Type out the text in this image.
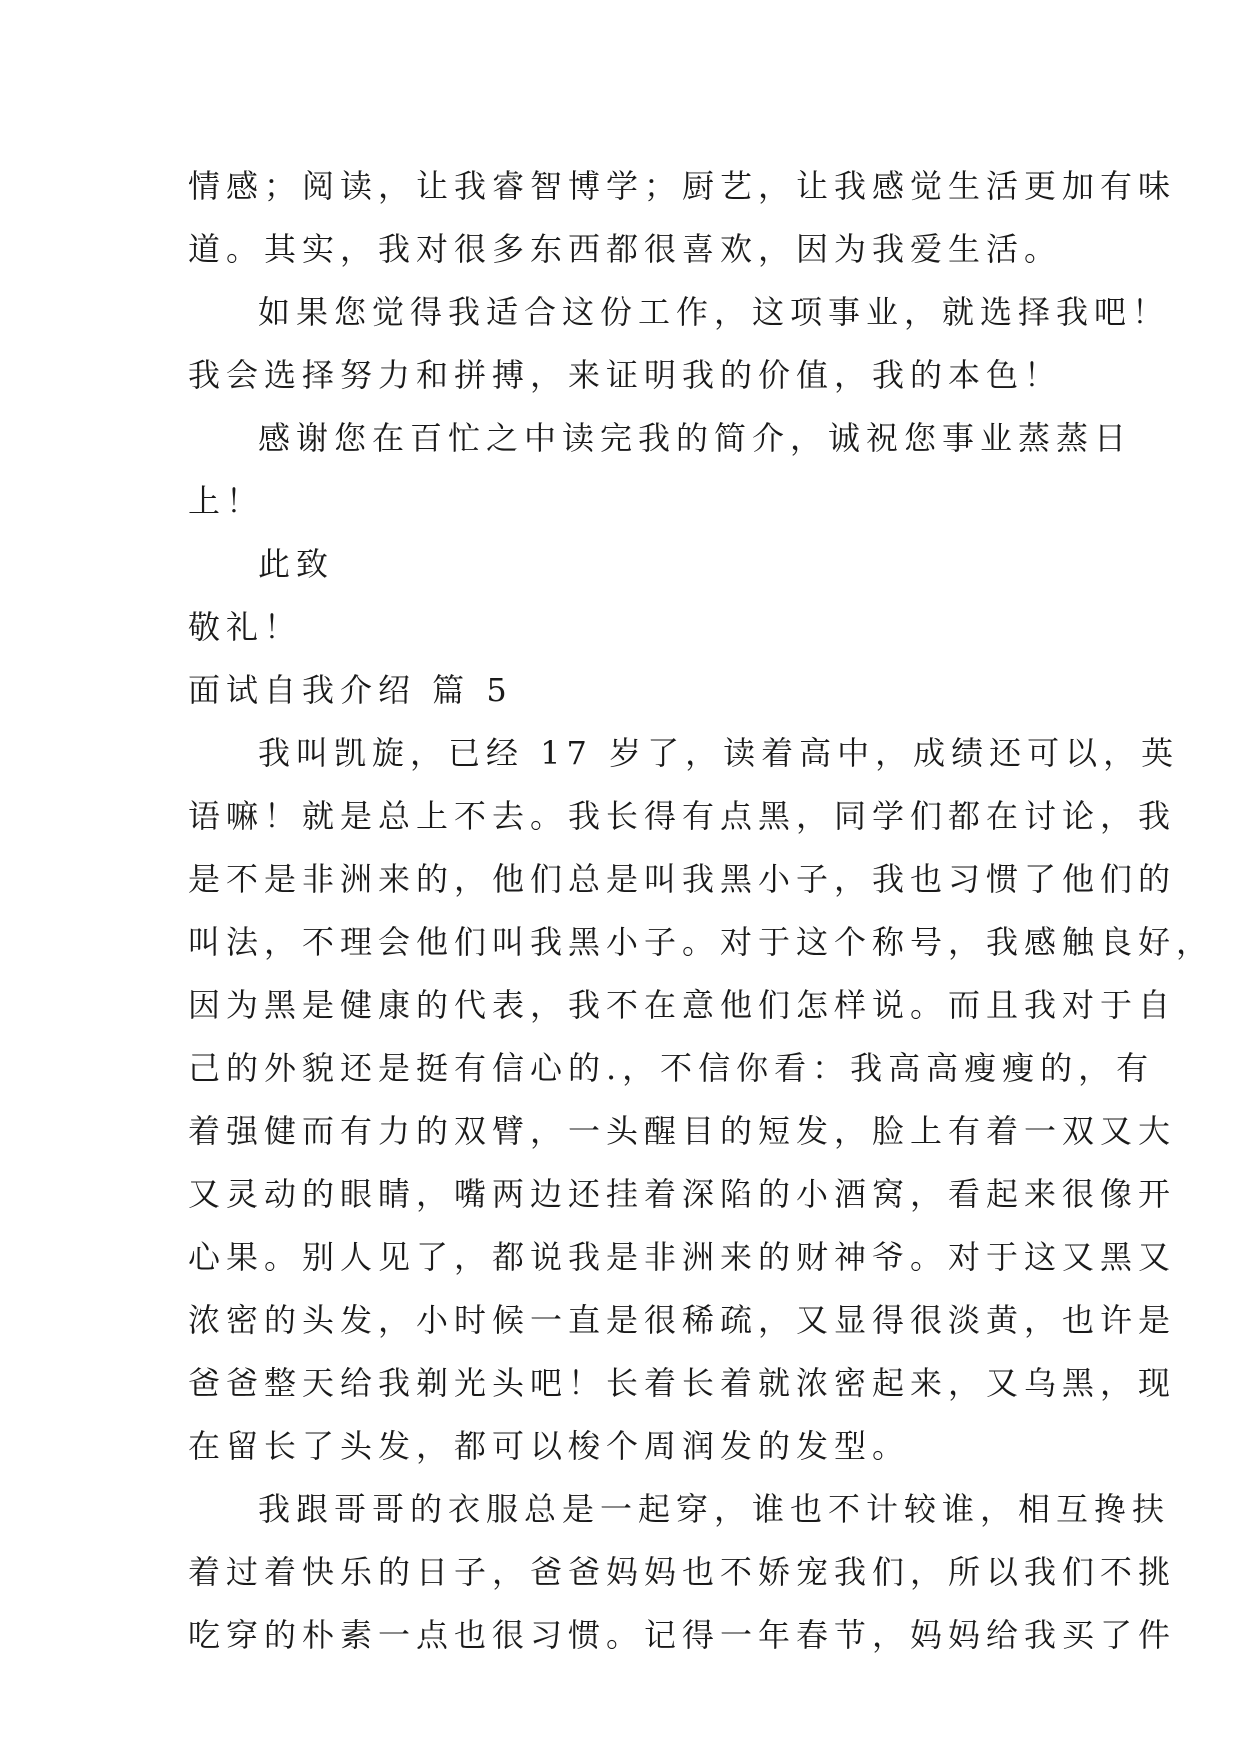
情感；阅读，让我睿智博学；厨艺，让我感觉生活更加有味
道。其实，我对很多东西都很喜欢，因为我爱生活。
如果您觉得我适合这份工作，这项事业，就选择我吧！
我会选择努力和拼搏，来证明我的价值，我的本色！
感谢您在百忙之中读完我的简介，诚祝您事业蒸蒸日
上！
此致
敬礼！
面试自我介绍 篇 5
我叫凯旋，已经 17 岁了，读着高中，成绩还可以，英
语嘛！就是总上不去。我长得有点黑，同学们都在讨论，我
是不是非洲来的，他们总是叫我黑小子，我也习惯了他们的
叫法，不理会他们叫我黑小子。对于这个称号，我感触良好，
因为黑是健康的代表，我不在意他们怎样说。而且我对于自
己的外貌还是挺有信心的.，不信你看：我高高瘦瘦的，有
着强健而有力的双臂，一头醒目的短发，脸上有着一双又大
又灵动的眼睛，嘴两边还挂着深陷的小酒窝，看起来很像开
心果。别人见了，都说我是非洲来的财神爷。对于这又黑又
浓密的头发，小时候一直是很稀疏，又显得很淡黄，也许是
爸爸整天给我剃光头吧！长着长着就浓密起来，又乌黑，现
在留长了头发，都可以梭个周润发的发型。
我跟哥哥的衣服总是一起穿，谁也不计较谁，相互搀扶
着过着快乐的日子，爸爸妈妈也不娇宠我们，所以我们不挑
吃穿的朴素一点也很习惯。记得一年春节，妈妈给我买了件
